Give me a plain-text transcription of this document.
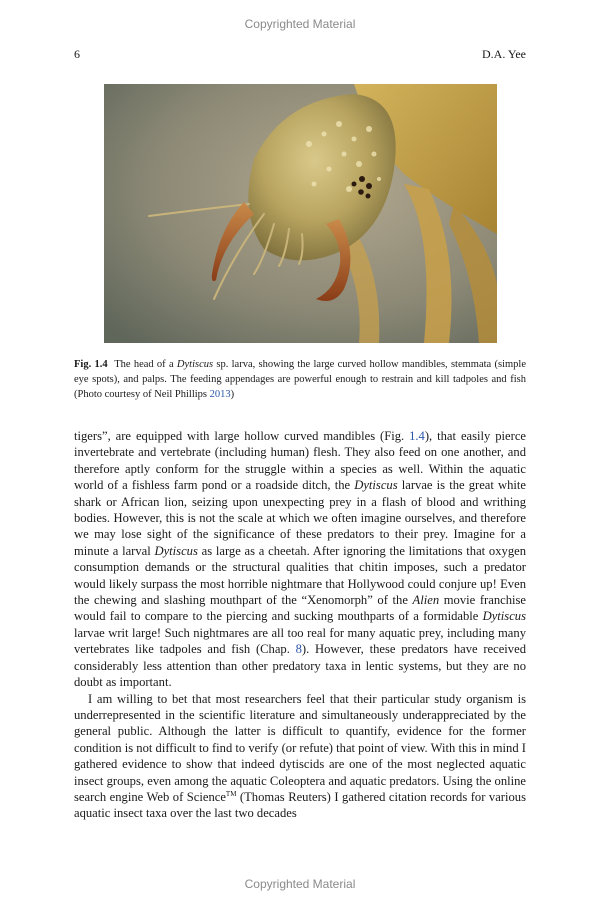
Copyrighted Material
6	D.A. Yee
Fig. 1.4 The head of a Dytiscus sp. larva, showing the large curved hollow mandibles, stemmata (simple eye spots), and palps. The feeding appendages are powerful enough to restrain and kill tadpoles and fish (Photo courtesy of Neil Phillips 2013)

tigers”, are equipped with large hollow curved mandibles (Fig. 1.4), that easily pierce invertebrate and vertebrate (including human) flesh. They also feed on one another, and therefore aptly conform for the struggle within a species as well. Within the aquatic world of a fishless farm pond or a roadside ditch, the Dytiscus larvae is the great white shark or African lion, seizing upon unexpecting prey in a flash of blood and writhing bodies. However, this is not the scale at which we often imagine ourselves, and therefore we may lose sight of the significance of these predators to their prey. Imagine for a minute a larval Dytiscus as large as a cheetah. After ignoring the limitations that oxygen consumption demands or the structural qualities that chitin imposes, such a predator would likely surpass the most horrible nightmare that Hollywood could conjure up! Even the chewing and slashing mouthpart of the “Xenomorph” of the Alien movie franchise would fail to compare to the piercing and sucking mouthparts of a formidable Dytiscus larvae writ large! Such nightmares are all too real for many aquatic prey, including many vertebrates like tadpoles and fish (Chap. 8). However, these predators have received considerably less attention than other predatory taxa in lentic systems, but they are no doubt as important.

I am willing to bet that most researchers feel that their particular study organism is underrepresented in the scientific literature and simultaneously underappreciated by the general public. Although the latter is difficult to quantify, evidence for the former condition is not difficult to find to verify (or refute) that point of view. With this in mind I gathered evidence to show that indeed dytiscids are one of the most neglected aquatic insect groups, even among the aquatic Coleoptera and aquatic predators. Using the online search engine Web of Science™ (Thomas Reuters) I gathered citation records for various aquatic insect taxa over the last two decades

Copyrighted Material
